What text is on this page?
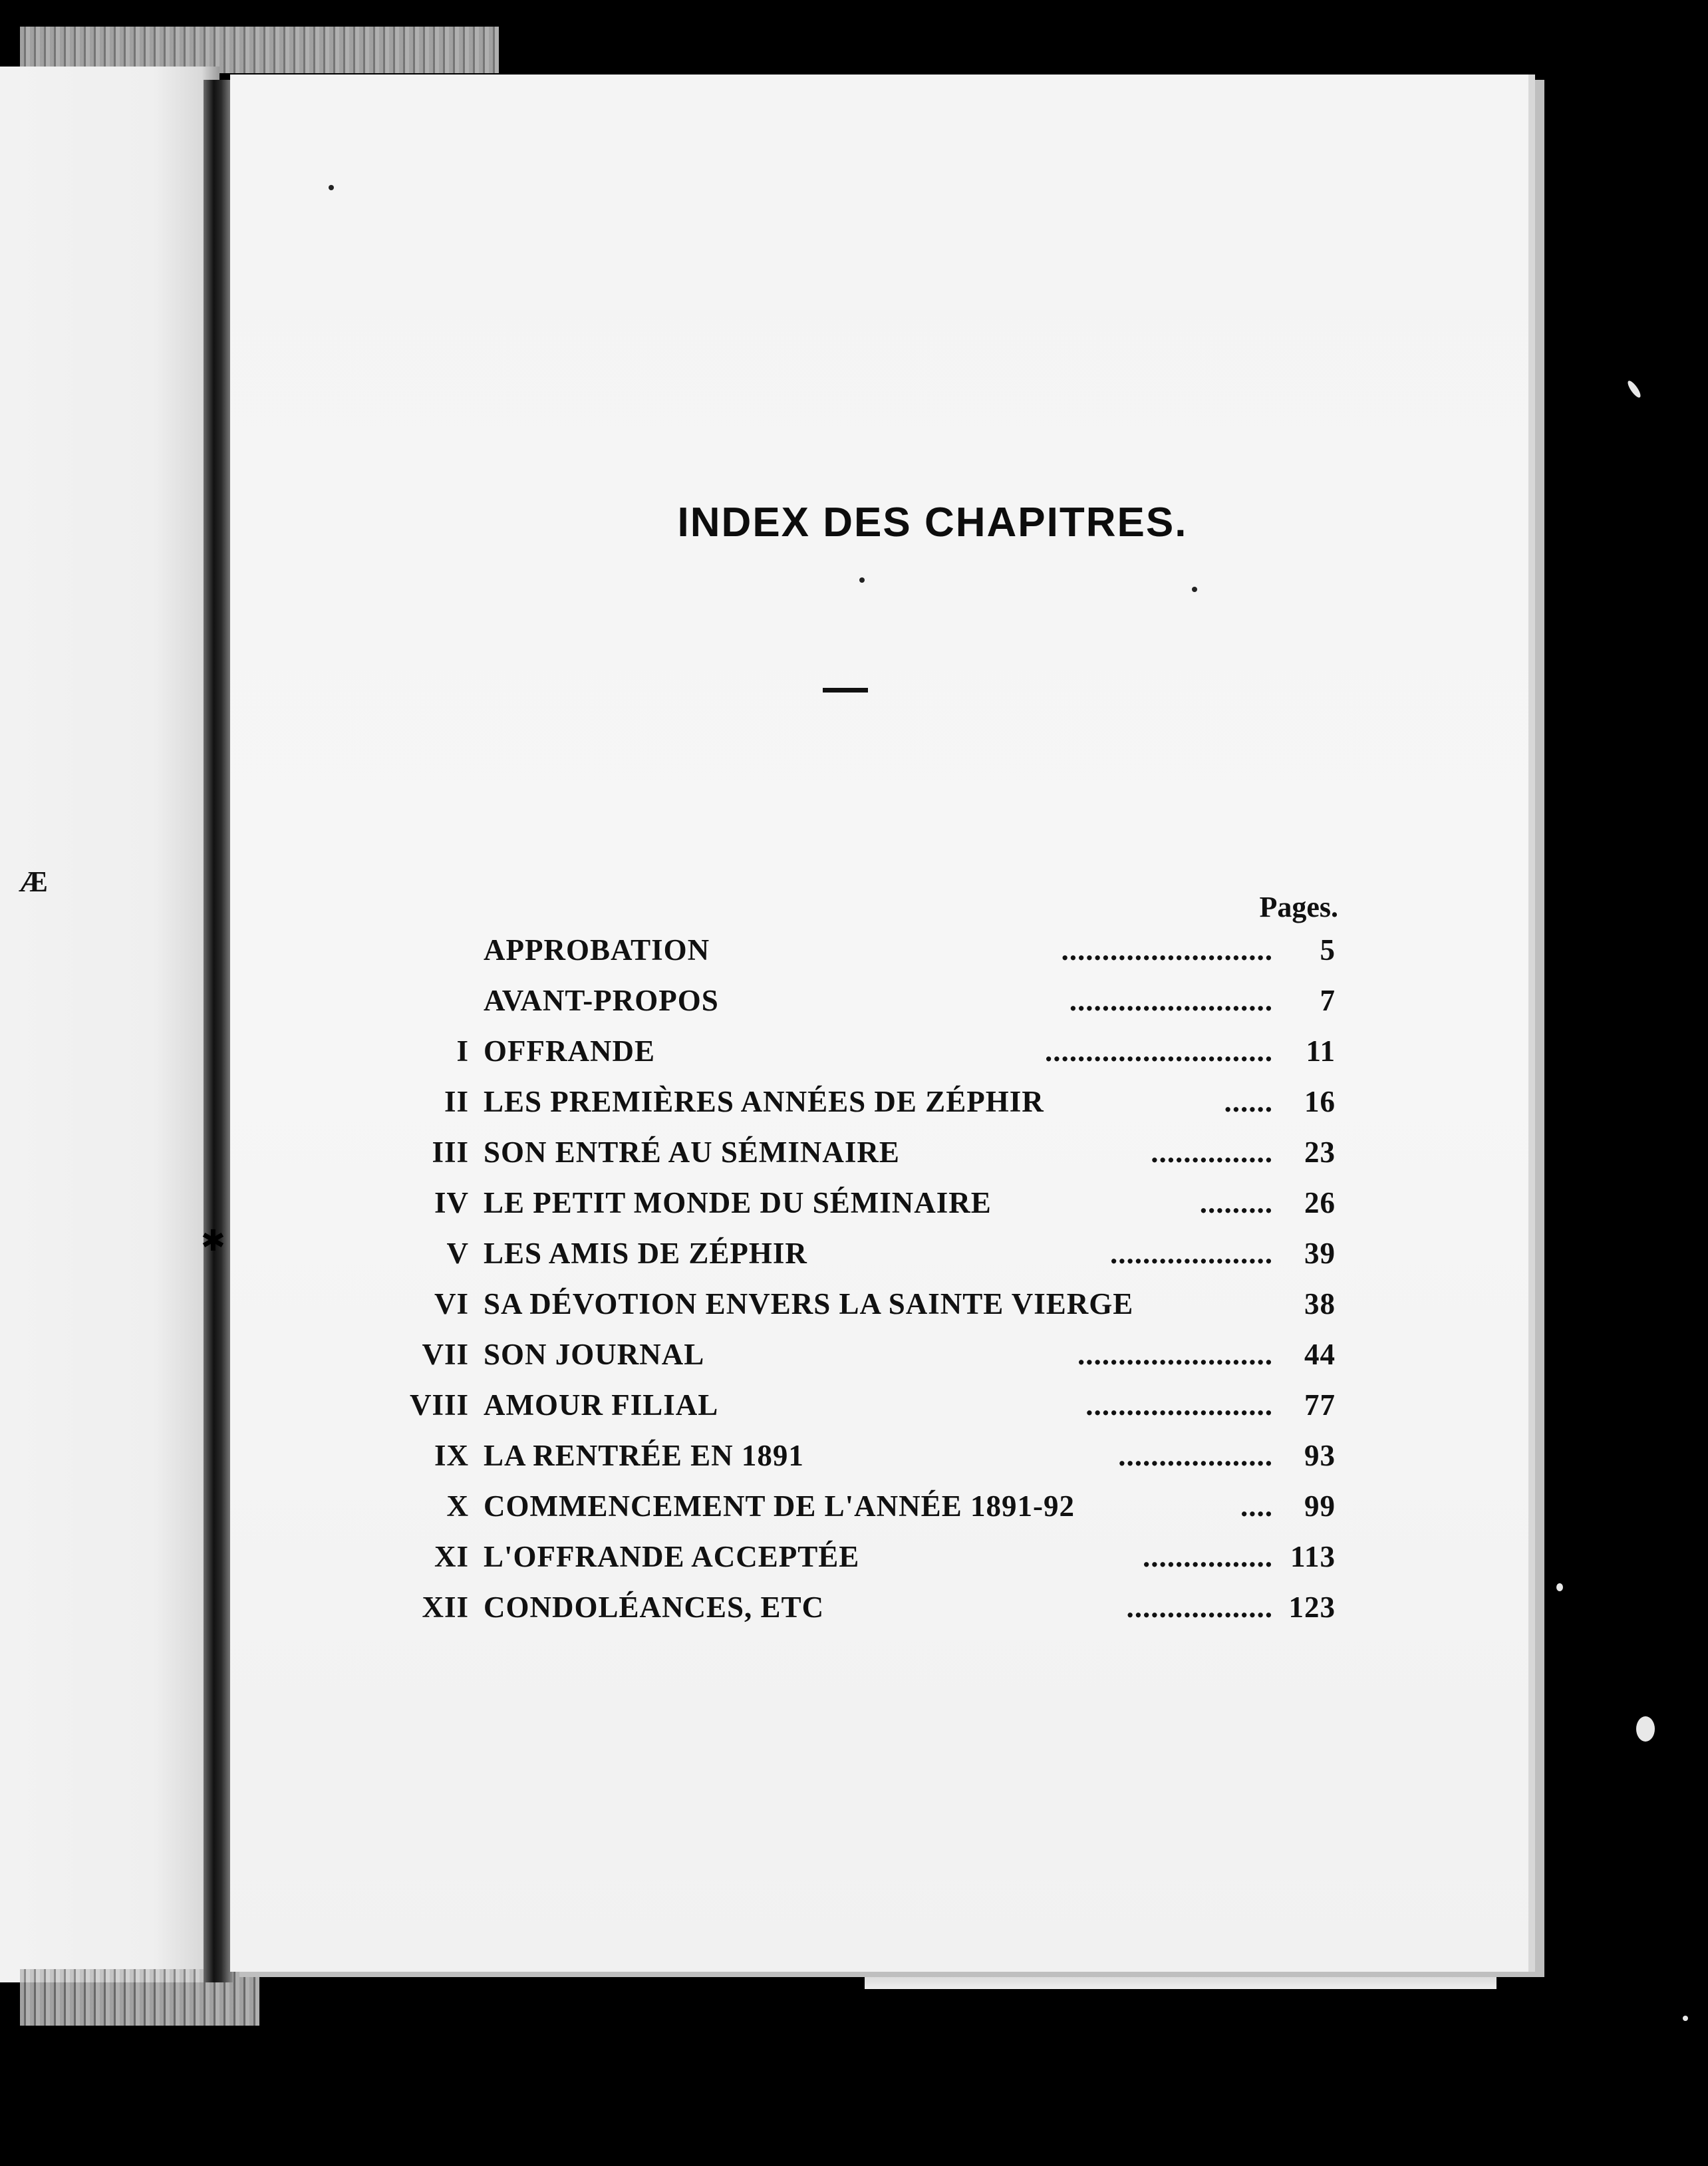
Æ
✱
INDEX DES CHAPITRES.
Pages.
APPROBATION	.......................... 5
AVANT-PROPOS	......................... 7
I OFFRANDE	............................ 11
II LES PREMIÈRES ANNÉES DE ZÉPHIR	...... 16
III SON ENTRÉ AU SÉMINAIRE	............... 23
IV LE PETIT MONDE DU SÉMINAIRE	......... 26
V LES AMIS DE ZÉPHIR	.................... 39
VI SA DÉVOTION ENVERS LA SAINTE VIERGE	38
VII SON JOURNAL	........................ 44
VIII AMOUR FILIAL	....................... 77
IX LA RENTRÉE EN 1891	................... 93
X COMMENCEMENT DE L'ANNÉE 1891-92	.... 99
XI L'OFFRANDE ACCEPTÉE	................ 113
XII CONDOLÉANCES, ETC	.................. 123
